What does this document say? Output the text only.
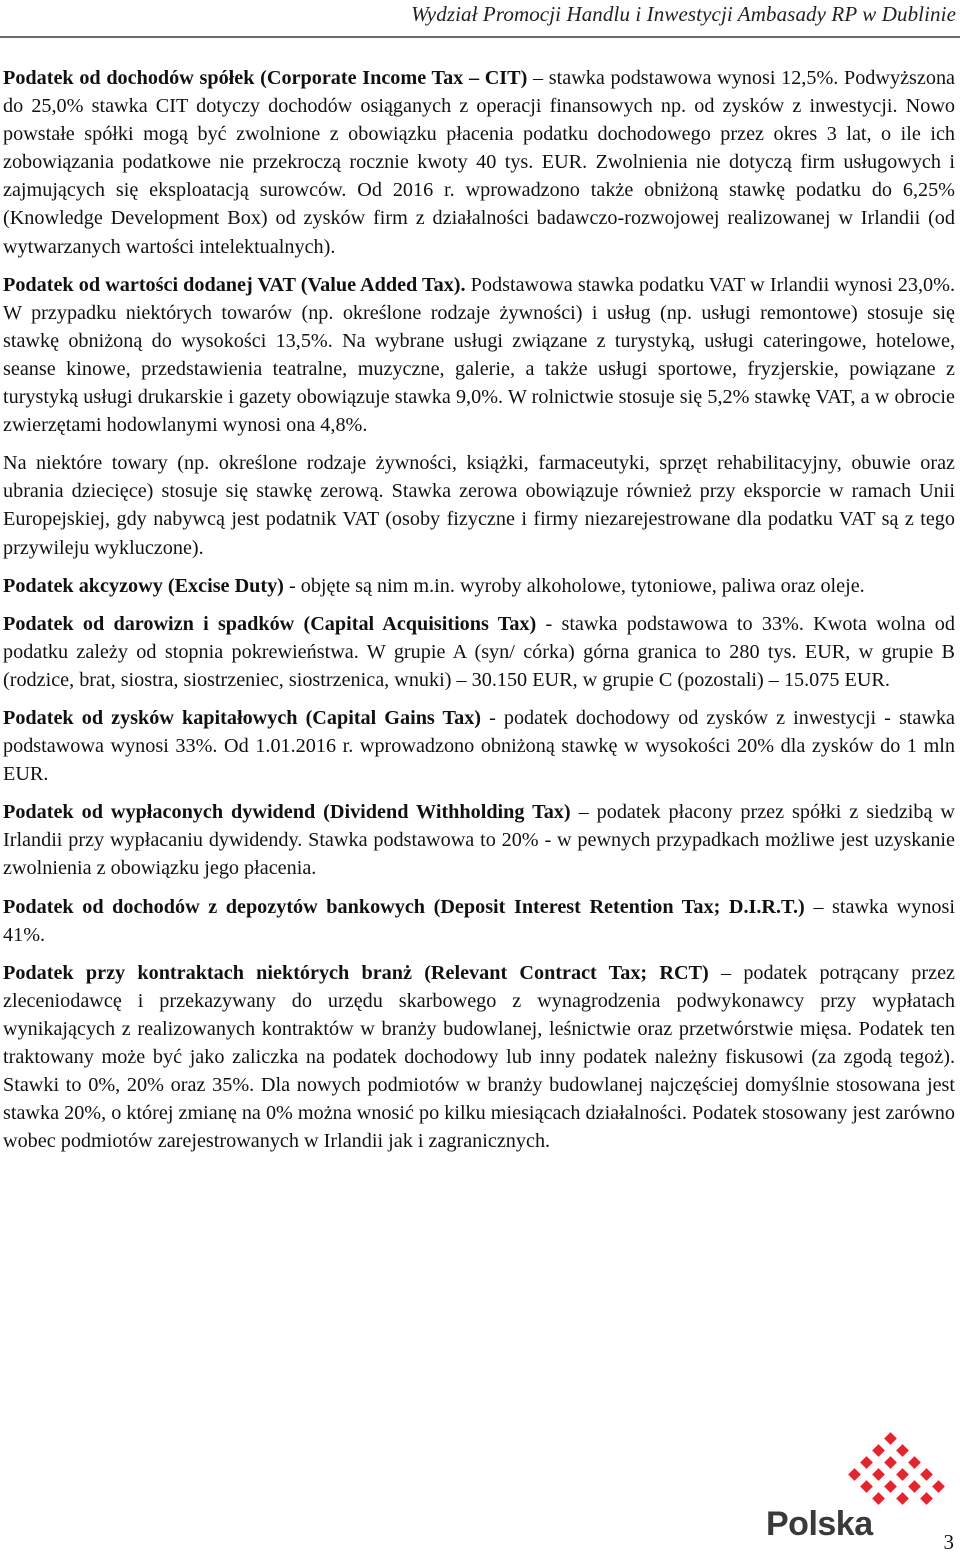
Wydział Promocji Handlu i Inwestycji Ambasady RP w Dublinie

Podatek od dochodów spółek (Corporate Income Tax – CIT) – stawka podstawowa wynosi 12,5%. Podwyższona do 25,0% stawka CIT dotyczy dochodów osiąganych z operacji finansowych np. od zysków z inwestycji. Nowo powstałe spółki mogą być zwolnione z obowiązku płacenia podatku dochodowego przez okres 3 lat, o ile ich zobowiązania podatkowe nie przekroczą rocznie kwoty 40 tys. EUR. Zwolnienia nie dotyczą firm usługowych i zajmujących się eksploatacją surowców. Od 2016 r. wprowadzono także obniżoną stawkę podatku do 6,25% (Knowledge Development Box) od zysków firm z działalności badawczo-rozwojowej realizowanej w Irlandii (od wytwarzanych wartości intelektualnych).

Podatek od wartości dodanej VAT (Value Added Tax). Podstawowa stawka podatku VAT w Irlandii wynosi 23,0%. W przypadku niektórych towarów (np. określone rodzaje żywności) i usług (np. usługi remontowe) stosuje się stawkę obniżoną do wysokości 13,5%. Na wybrane usługi związane z turystyką, usługi cateringowe, hotelowe, seanse kinowe, przedstawienia teatralne, muzyczne, galerie, a także usługi sportowe, fryzjerskie, powiązane z turystyką usługi drukarskie i gazety obowiązuje stawka 9,0%. W rolnictwie stosuje się 5,2% stawkę VAT, a w obrocie zwierzętami hodowlanymi wynosi ona 4,8%.

Na niektóre towary (np. określone rodzaje żywności, książki, farmaceutyki, sprzęt rehabilitacyjny, obuwie oraz ubrania dziecięce) stosuje się stawkę zerową. Stawka zerowa obowiązuje również przy eksporcie w ramach Unii Europejskiej, gdy nabywcą jest podatnik VAT (osoby fizyczne i firmy niezarejestrowane dla podatku VAT są z tego przywileju wykluczone).

Podatek akcyzowy (Excise Duty) - objęte są nim m.in. wyroby alkoholowe, tytoniowe, paliwa oraz oleje.

Podatek od darowizn i spadków (Capital Acquisitions Tax) - stawka podstawowa to 33%. Kwota wolna od podatku zależy od stopnia pokrewieństwa. W grupie A (syn/ córka) górna granica to 280 tys. EUR, w grupie B (rodzice, brat, siostra, siostrzeniec, siostrzenica, wnuki) – 30.150 EUR, w grupie C (pozostali) – 15.075 EUR.

Podatek od zysków kapitałowych (Capital Gains Tax) - podatek dochodowy od zysków z inwestycji - stawka podstawowa wynosi 33%. Od 1.01.2016 r. wprowadzono obniżoną stawkę w wysokości 20% dla zysków do 1 mln EUR.

Podatek od wypłaconych dywidend (Dividend Withholding Tax) – podatek płacony przez spółki z siedzibą w Irlandii przy wypłacaniu dywidendy. Stawka podstawowa to 20% - w pewnych przypadkach możliwe jest uzyskanie zwolnienia z obowiązku jego płacenia.

Podatek od dochodów z depozytów bankowych (Deposit Interest Retention Tax; D.I.R.T.) – stawka wynosi 41%.

Podatek przy kontraktach niektórych branż (Relevant Contract Tax; RCT) – podatek potrącany przez zleceniodawcę i przekazywany do urzędu skarbowego z wynagrodzenia podwykonawcy przy wypłatach wynikających z realizowanych kontraktów w branży budowlanej, leśnictwie oraz przetwórstwie mięsa. Podatek ten traktowany może być jako zaliczka na podatek dochodowy lub inny podatek należny fiskusowi (za zgodą tegoż). Stawki to 0%, 20% oraz 35%. Dla nowych podmiotów w branży budowlanej najczęściej domyślnie stosowana jest stawka 20%, o której zmianę na 0% można wnosić po kilku miesiącach działalności. Podatek stosowany jest zarówno wobec podmiotów zarejestrowanych w Irlandii jak i zagranicznych.

Polska	3
